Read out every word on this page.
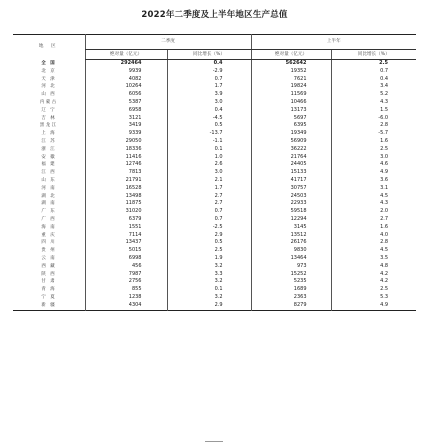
2022年二季度及上半年地区生产总值
地 区	二季度		上半年	
	绝对量（亿元）	同比增长（%）	绝对量（亿元）	同比增长（%）
全 国	292464	0.4	562642	2.5
北 京	9939	-2.9	19352	0.7
天 津	4082	0.7	7621	0.4
河 北	10264	1.7	19824	3.4
山 西	6056	3.9	11569	5.2
内蒙古	5387	3.0	10466	4.3
辽 宁	6958	0.4	13173	1.5
吉 林	3121	-4.5	5697	-6.0
黑龙江	3419	0.5	6395	2.8
上 海	9339	-13.7	19349	-5.7
江 苏	29050	-1.1	56909	1.6
浙 江	18336	0.1	36222	2.5
安 徽	11416	1.0	21764	3.0
福 建	12746	2.6	24405	4.6
江 西	7813	3.0	15133	4.9
山 东	21791	2.1	41717	3.6
河 南	16528	1.7	30757	3.1
湖 北	13498	2.7	24503	4.5
湖 南	11875	2.7	22933	4.3
广 东	31020	0.7	59518	2.0
广 西	6379	0.7	12294	2.7
海 南	1551	-2.5	3145	1.6
重 庆	7114	2.9	13512	4.0
四 川	13437	0.5	26176	2.8
贵 州	5015	2.5	9830	4.5
云 南	6998	1.9	13464	3.5
西 藏	456	3.2	973	4.8
陕 西	7987	3.3	15252	4.2
甘 肃	2756	3.2	5235	4.2
青 海	855	0.1	1689	2.5
宁 夏	1238	3.2	2363	5.3
新 疆	4304	2.9	8279	4.9
